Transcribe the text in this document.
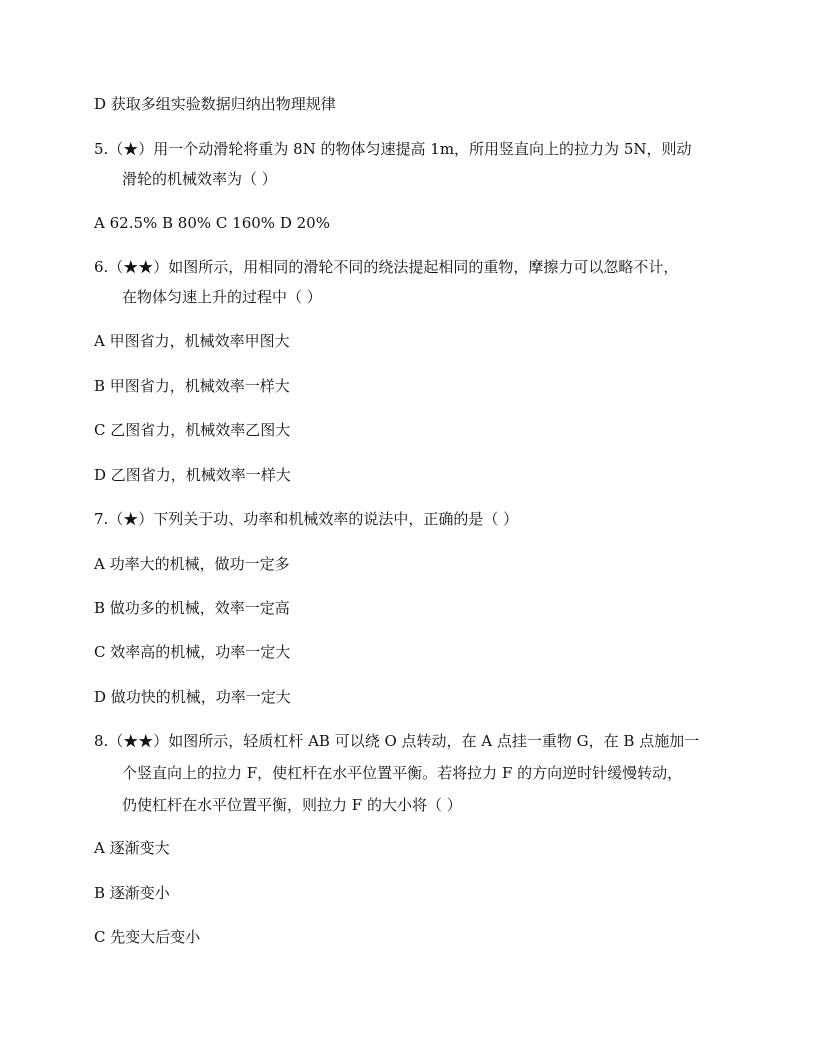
D 获取多组实验数据归纳出物理规律
5.（★）用一个动滑轮将重为 8N 的物体匀速提高 1m，所用竖直向上的拉力为 5N，则动
滑轮的机械效率为（ ）
A 62.5% B 80% C 160% D 20%
6.（★★）如图所示，用相同的滑轮不同的绕法提起相同的重物，摩擦力可以忽略不计，
在物体匀速上升的过程中（ ）
A 甲图省力，机械效率甲图大
B 甲图省力，机械效率一样大
C 乙图省力，机械效率乙图大
D 乙图省力，机械效率一样大
7.（★）下列关于功、功率和机械效率的说法中，正确的是（ ）
A 功率大的机械，做功一定多
B 做功多的机械，效率一定高
C 效率高的机械，功率一定大
D 做功快的机械，功率一定大
8.（★★）如图所示，轻质杠杆 AB 可以绕 O 点转动，在 A 点挂一重物 G，在 B 点施加一
个竖直向上的拉力 F，使杠杆在水平位置平衡。若将拉力 F 的方向逆时针缓慢转动，
仍使杠杆在水平位置平衡，则拉力 F 的大小将（ ）
A 逐渐变大
B 逐渐变小
C 先变大后变小
